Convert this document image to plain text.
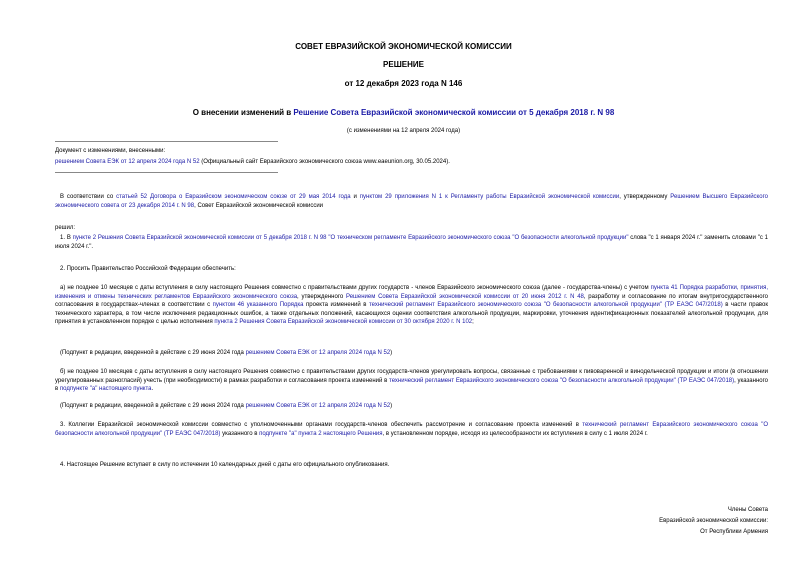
СОВЕТ ЕВРАЗИЙСКОЙ ЭКОНОМИЧЕСКОЙ КОМИССИИ
РЕШЕНИЕ
от 12 декабря 2023 года N 146
О внесении изменений в Решение Совета Евразийской экономической комиссии от 5 декабря 2018 г. N 98
(с изменениями на 12 апреля 2024 года)
Документ с изменениями, внесенными:
решением Совета ЕЭК от 12 апреля 2024 года N 52 (Официальный сайт Евразийского экономического союза www.eaeunion.org, 30.05.2024).
В соответствии со статьей 52 Договора о Евразийском экономическом союзе от 29 мая 2014 года и пунктом 29 приложения N 1 к Регламенту работы Евразийской экономической комиссии, утвержденному Решением Высшего Евразийского экономического совета от 23 декабря 2014 г. N 98, Совет Евразийской экономической комиссии
решил:
1. В пункте 2 Решения Совета Евразийской экономической комиссии от 5 декабря 2018 г. N 98 "О техническом регламенте Евразийского экономического союза "О безопасности алкогольной продукции" слова "с 1 января 2024 г." заменить словами "с 1 июля 2024 г.".
2. Просить Правительство Российской Федерации обеспечить:
а) не позднее 10 месяцев с даты вступления в силу настоящего Решения совместно с правительствами других государств - членов Евразийского экономического союза (далее - государства-члены) с учетом пункта 41 Порядка разработки, принятия, изменения и отмены технических регламентов Евразийского экономического союза, утвержденного Решением Совета Евразийской экономической комиссии от 20 июня 2012 г. N 48, разработку и согласование по итогам внутригосударственного согласования в государствах-членах в соответствии с пунктом 46 указанного Порядка проекта изменений в технический регламент Евразийского экономического союза "О безопасности алкогольной продукции" (ТР ЕАЭС 047/2018) в части правок технического характера, в том числе исключения редакционных ошибок, а также отдельных положений, касающихся оценки соответствия алкогольной продукции, маркировки, уточнения идентификационных показателей алкогольной продукции, для принятия в установленном порядке с целью исполнения пункта 2 Решения Совета Евразийской экономической комиссии от 30 октября 2020 г. N 102;
(Подпункт в редакции, введенной в действие с 29 июня 2024 года решением Совета ЕЭК от 12 апреля 2024 года N 52)
б) не позднее 10 месяцев с даты вступления в силу настоящего Решения совместно с правительствами других государств-членов урегулировать вопросы, связанные с требованиями к пивоваренной и винодельческой продукции и итоги (в отношении урегулированных разногласий) учесть (при необходимости) в рамках разработки и согласования проекта изменений в технический регламент Евразийского экономического союза "О безопасности алкогольной продукции" (ТР ЕАЭС 047/2018), указанного в подпункте "а" настоящего пункта.
(Подпункт в редакции, введенной в действие с 29 июня 2024 года решением Совета ЕЭК от 12 апреля 2024 года N 52)
3. Коллегии Евразийской экономической комиссии совместно с уполномоченными органами государств-членов обеспечить рассмотрение и согласование проекта изменений в технический регламент Евразийского экономического союза "О безопасности алкогольной продукции" (ТР ЕАЭС 047/2018) указанного в подпункте "а" пункта 2 настоящего Решения, в установленном порядке, исходя из целесообразности их вступления в силу с 1 июля 2024 г.
4. Настоящее Решение вступает в силу по истечении 10 календарных дней с даты его официального опубликования.
Члены Совета
Евразийской экономической комиссии:
От Республики Армения
